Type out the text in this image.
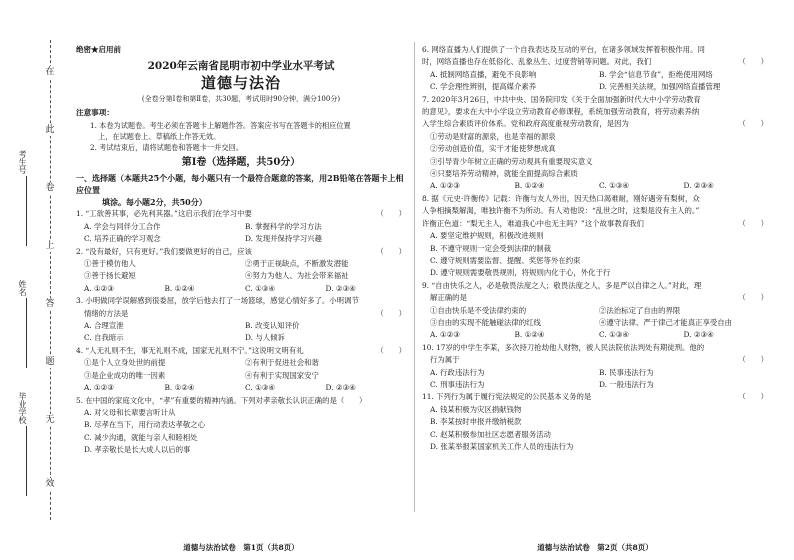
在
此
卷
上
答
题
无
效
考生号
姓名
毕业学校
绝密★启用前
2020年云南省昆明市初中学业水平考试
道德与法治
(全卷分第Ⅰ卷和第Ⅱ卷，共30题，考试用时90分钟，满分100分)
注意事项：
1. 本卷为试题卷。考生必须在答题卡上解题作答。答案应书写在答题卡的相应位置
上，在试题卷上、草稿纸上作答无效。
2. 考试结束后，请将试题卷和答题卡一并交回。
第Ⅰ卷（选择题，共50分）
一、选择题（本题共25个小题，每小题只有一个最符合题意的答案，用2B铅笔在答题卡上相应位置
填涂。每小题2分，共50分）
1. “工欲善其事，必先利其器。”这启示我们在学习中要	（　　）
A. 学会与同伴分工合作	B. 掌握科学的学习方法
C. 培养正确的学习观念	D. 发现并保持学习兴趣
2. “没有最好，只有更好。”我们要做更好的自己，应该	（　　）
①善于模仿他人	②勇于正视缺点，不断激发潜能
③善于扬长避短	④努力为他人、为社会带来福祉
A. ①②③	B. ①②④	C. ①③④	D. ②③④
3. 小明做同学误解感到很委屈，放学后他去打了一场篮球，感觉心情好多了。小明调节
情绪的方法是	（　　）
A. 合理宣泄	B. 改变认知评价
C. 自我暗示	D. 与人倾诉
4. “人无礼则不生，事无礼则不成，国家无礼则不宁。”这说明文明有礼	（　　）
①是个人立身处世的前提	②有利于促进社会和谐
③是企业成功的唯一因素	④有利于实现国家安宁
A. ①②③	B. ①②④	C. ①③④	D. ②③④
5. 在中国的家庭文化中，“孝”有重要的精神内涵。下列对孝亲敬长认识正确的是（　　）
A. 对父母和长辈要言听计从
B. 尽孝在当下，用行动表达孝敬之心
C. 减少沟通，就能与亲人和睦相处
D. 孝亲敬长是长大成人以后的事
6. 网络直播为人们提供了一个自我表达及互动的平台，在诸多领域发挥着积极作用。同
时，网络直播也存在低俗化、乱象丛生、过度营销等问题。对此，我们	（　　）
A. 抵制网络直播，避免不良影响	B. 学会“信息节食”，拒绝使用网络
C. 学会理性辨别，提高媒介素养	D. 完善相关法规，加强网络直播管理
7. 2020年3月26日，中共中央、国务院印发《关于全面加强新时代大中小学劳动教育
的意见》，要求在大中小学设立劳动教育必修课程，系统加强劳动教育，将劳动素养纳
入学生综合素质评价体系。党和政府高度重视劳动教育，是因为	（　　）
①劳动是财富的源泉，也是幸福的源泉
②劳动创造价值，实干才能使梦想成真
③引导青少年树立正确的劳动观具有重要现实意义
④只要培养劳动精神，就能全面提高综合素质
A. ①②③	B. ①②④	C. ①③④	D. ②③④
8. 据《元史·许衡传》记载：许衡与友人外出，因天热口渴难耐，刚好遇旁有梨树，众
人争相摘梨解渴，唯独许衡不为所动。有人劝他说：“乱世之时，这梨是没有主人的。”
许衡正色道：“梨无主人，难道我心中也无主吗？”这个故事教育我们	（　　）
A. 要坚定维护规则，积极改进规则
B. 不遵守规则一定会受到法律的制裁
C. 遵守规则需要监督、提醒、奖惩等外在约束
D. 遵守规则需要敬畏规则，将规则内化于心，外化于行
9. “自由快乐之人，必是敬畏法度之人；敬畏法度之人，多是严以自律之人。”对此，理
解正确的是	（　　）
①自由快乐是不受法律约束的	②法治标定了自由的界限
③自由的实现不能触碰法律的红线	④遵守法律、严于律己才能真正享受自由
A. ①②③	B. ①②④	C. ①③④	D. ②③④
10. 17岁的中学生李某，多次持刀抢劫他人财物，被人民法院依法判处有期徒刑。他的
行为属于	（　　）
A. 行政违法行为	B. 民事违法行为
C. 刑事违法行为	D. 一般违法行为
11. 下列行为属于履行宪法规定的公民基本义务的是	（　　）
A. 钱某积极为灾区捐献钱物
B. 李某按时申报并缴纳税款
C. 赵某积极参加社区志愿者服务活动
D. 张某举报某国家机关工作人员的违法行为
道德与法治试卷　第1页（共8页）	道德与法治试卷　第2页（共8页）
